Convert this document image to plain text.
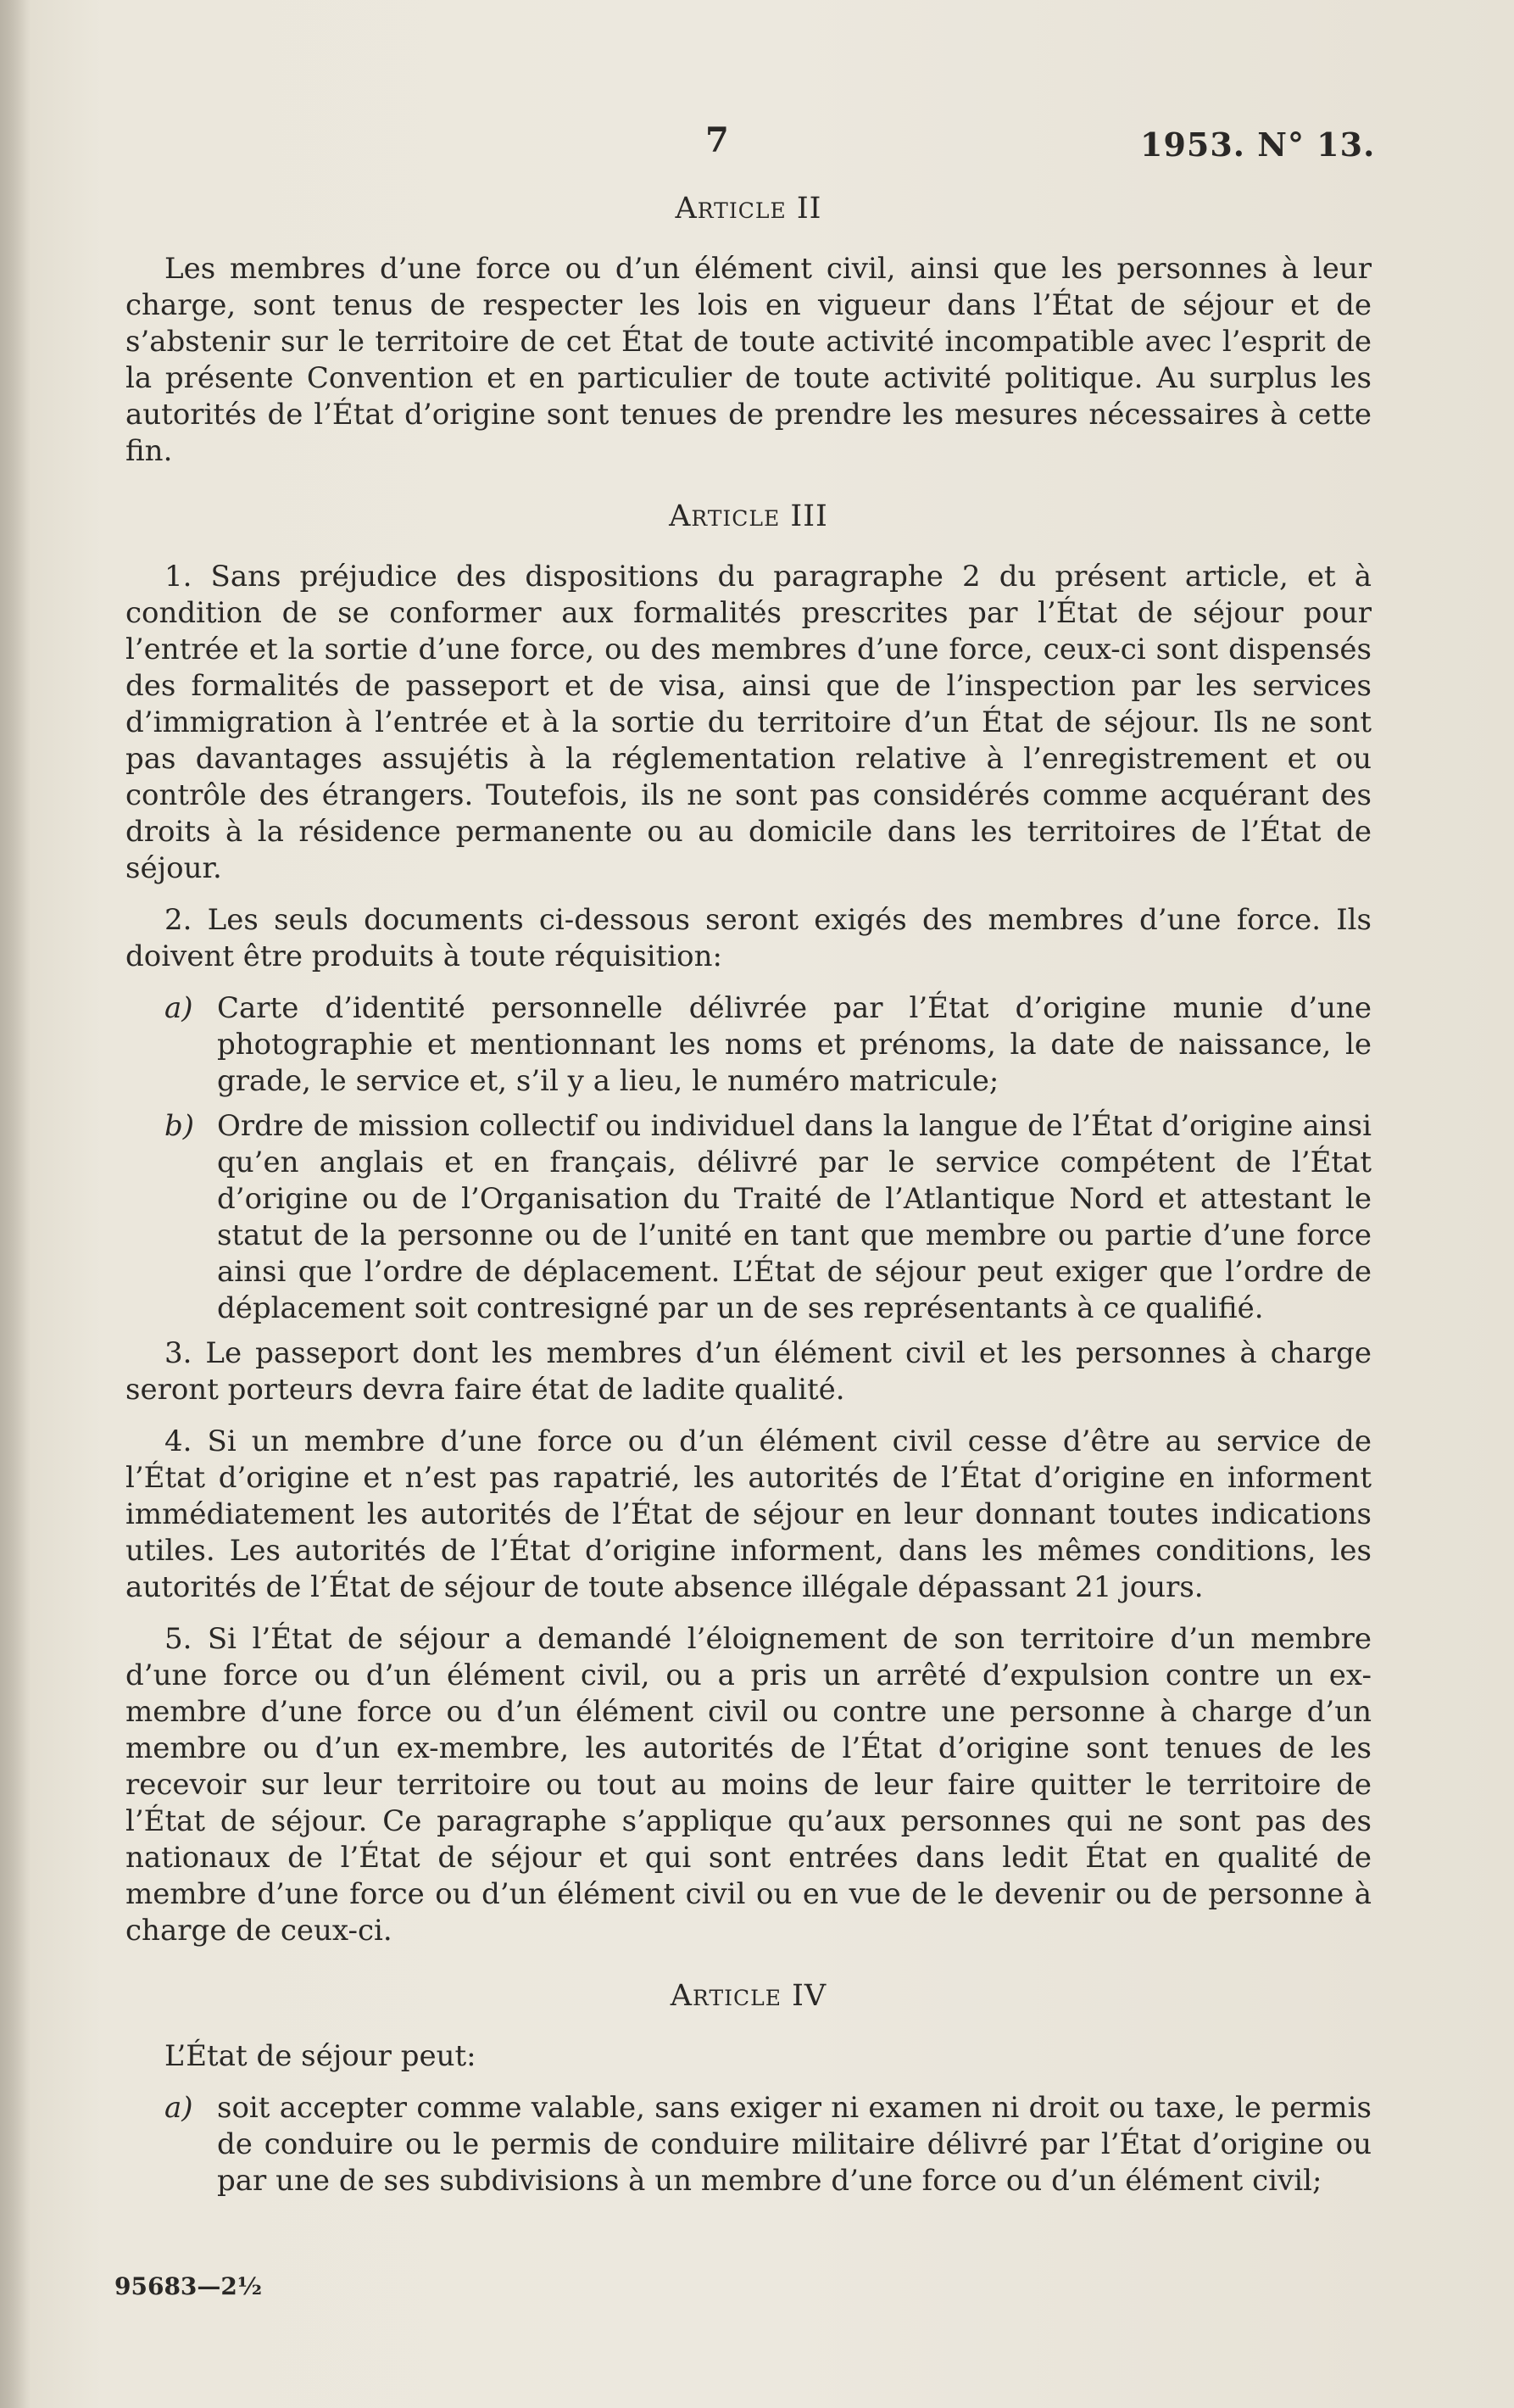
7	1953. N° 13.
Article II

Les membres d’une force ou d’un élément civil, ainsi que les personnes à leur charge, sont tenus de respecter les lois en vigueur dans l’État de séjour et de s’abstenir sur le territoire de cet État de toute activité incompatible avec l’esprit de la présente Convention et en particulier de toute activité politique. Au surplus les autorités de l’État d’origine sont tenues de prendre les mesures nécessaires à cette fin.

Article III

1. Sans préjudice des dispositions du paragraphe 2 du présent article, et à condition de se conformer aux formalités prescrites par l’État de séjour pour l’entrée et la sortie d’une force, ou des membres d’une force, ceux-ci sont dispensés des formalités de passeport et de visa, ainsi que de l’inspection par les services d’immigration à l’entrée et à la sortie du territoire d’un État de séjour. Ils ne sont pas davantages assujétis à la réglementation relative à l’enregistrement et ou contrôle des étrangers. Toutefois, ils ne sont pas considérés comme acquérant des droits à la résidence permanente ou au domicile dans les territoires de l’État de séjour.

2. Les seuls documents ci-dessous seront exigés des membres d’une force. Ils doivent être produits à toute réquisition:

a) Carte d’identité personnelle délivrée par l’État d’origine munie d’une photographie et mentionnant les noms et prénoms, la date de naissance, le grade, le service et, s’il y a lieu, le numéro matricule;
b) Ordre de mission collectif ou individuel dans la langue de l’État d’origine ainsi qu’en anglais et en français, délivré par le service compétent de l’État d’origine ou de l’Organisation du Traité de l’Atlantique Nord et attestant le statut de la personne ou de l’unité en tant que membre ou partie d’une force ainsi que l’ordre de déplacement. L’État de séjour peut exiger que l’ordre de déplacement soit contresigné par un de ses représentants à ce qualifié.

3. Le passeport dont les membres d’un élément civil et les personnes à charge seront porteurs devra faire état de ladite qualité.

4. Si un membre d’une force ou d’un élément civil cesse d’être au service de l’État d’origine et n’est pas rapatrié, les autorités de l’État d’origine en informent immédiatement les autorités de l’État de séjour en leur donnant toutes indications utiles. Les autorités de l’État d’origine informent, dans les mêmes conditions, les autorités de l’État de séjour de toute absence illégale dépassant 21 jours.

5. Si l’État de séjour a demandé l’éloignement de son territoire d’un membre d’une force ou d’un élément civil, ou a pris un arrêté d’expulsion contre un ex-membre d’une force ou d’un élément civil ou contre une personne à charge d’un membre ou d’un ex-membre, les autorités de l’État d’origine sont tenues de les recevoir sur leur territoire ou tout au moins de leur faire quitter le territoire de l’État de séjour. Ce paragraphe s’applique qu’aux personnes qui ne sont pas des nationaux de l’État de séjour et qui sont entrées dans ledit État en qualité de membre d’une force ou d’un élément civil ou en vue de le devenir ou de personne à charge de ceux-ci.

Article IV

L’État de séjour peut:

a) soit accepter comme valable, sans exiger ni examen ni droit ou taxe, le permis de conduire ou le permis de conduire militaire délivré par l’État d’origine ou par une de ses subdivisions à un membre d’une force ou d’un élément civil;
95683—2½
